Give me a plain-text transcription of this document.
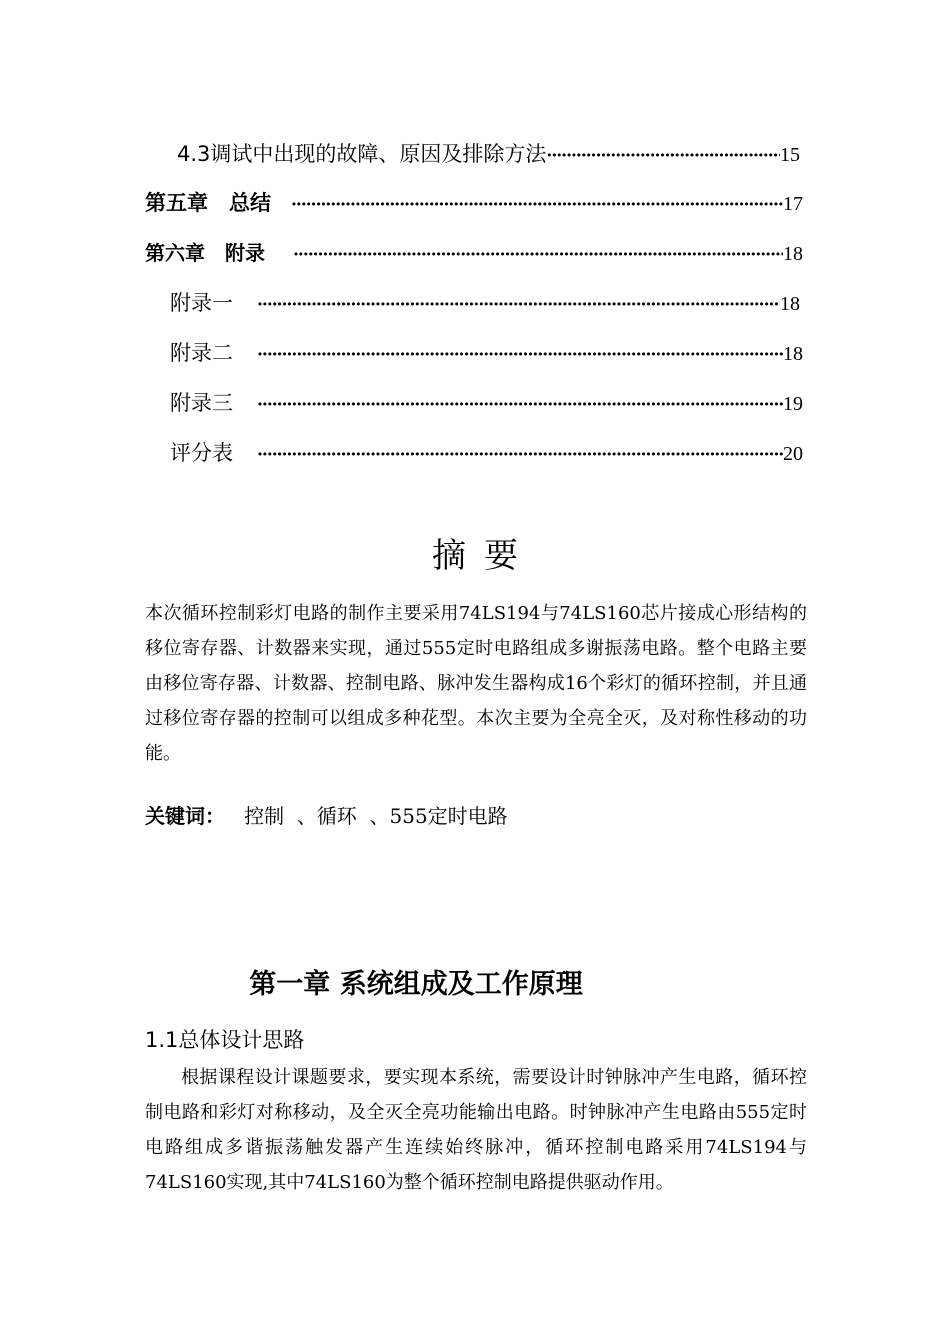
4.3调试中出现的故障、原因及排除方法 ·····	15
第五章　总结 ·····	17
第六章　附录 ·····	18
附录一 ·····	18
附录二 ·····	18
附录三 ·····	19
评分表 ·····	20
摘要

本次循环控制彩灯电路的制作主要采用74LS194与74LS160芯片接成心形结构的移位寄存器、计数器来实现，通过555定时电路组成多谢振荡电路。整个电路主要由移位寄存器、计数器、控制电路、脉冲发生器构成16个彩灯的循环控制，并且通过移位寄存器的控制可以组成多种花型。本次主要为全亮全灭，及对称性移动的功能。

关键词：   控制  、循环  、555定时电路
第一章 系统组成及工作原理
1.1总体设计思路

根据课程设计课题要求，要实现本系统，需要设计时钟脉冲产生电路，循环控制电路和彩灯对称移动，及全灭全亮功能输出电路。时钟脉冲产生电路由555定时电路组成多谐振荡触发器产生连续始终脉冲，循环控制电路采用74LS194与74LS160实现,其中74LS160为整个循环控制电路提供驱动作用。
